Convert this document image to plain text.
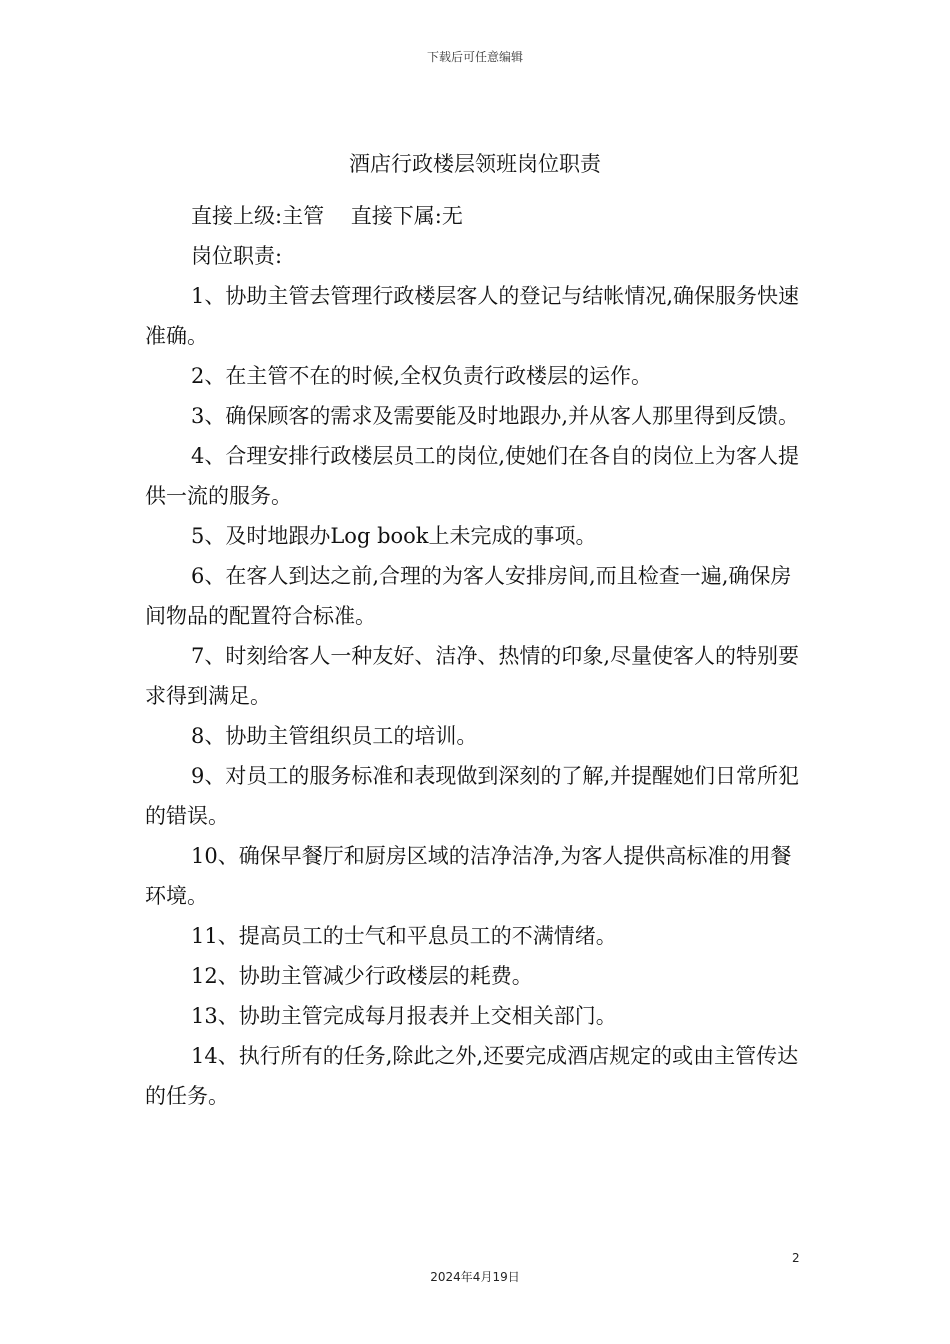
下载后可任意编辑
酒店行政楼层领班岗位职责

直接上级:主管    直接下属:无

岗位职责:

1、协助主管去管理行政楼层客人的登记与结帐情况,确保服务快速准确。

2、在主管不在的时候,全权负责行政楼层的运作。

3、确保顾客的需求及需要能及时地跟办,并从客人那里得到反馈。

4、合理安排行政楼层员工的岗位,使她们在各自的岗位上为客人提供一流的服务。

5、及时地跟办Log book上未完成的事项。

6、在客人到达之前,合理的为客人安排房间,而且检查一遍,确保房间物品的配置符合标准。

7、时刻给客人一种友好、洁净、热情的印象,尽量使客人的特别要求得到满足。

8、协助主管组织员工的培训。

9、对员工的服务标准和表现做到深刻的了解,并提醒她们日常所犯的错误。

10、确保早餐厅和厨房区域的洁净洁净,为客人提供高标准的用餐环境。

11、提高员工的士气和平息员工的不满情绪。

12、协助主管减少行政楼层的耗费。

13、协助主管完成每月报表并上交相关部门。

14、执行所有的任务,除此之外,还要完成酒店规定的或由主管传达的任务。

2
2024年4月19日
